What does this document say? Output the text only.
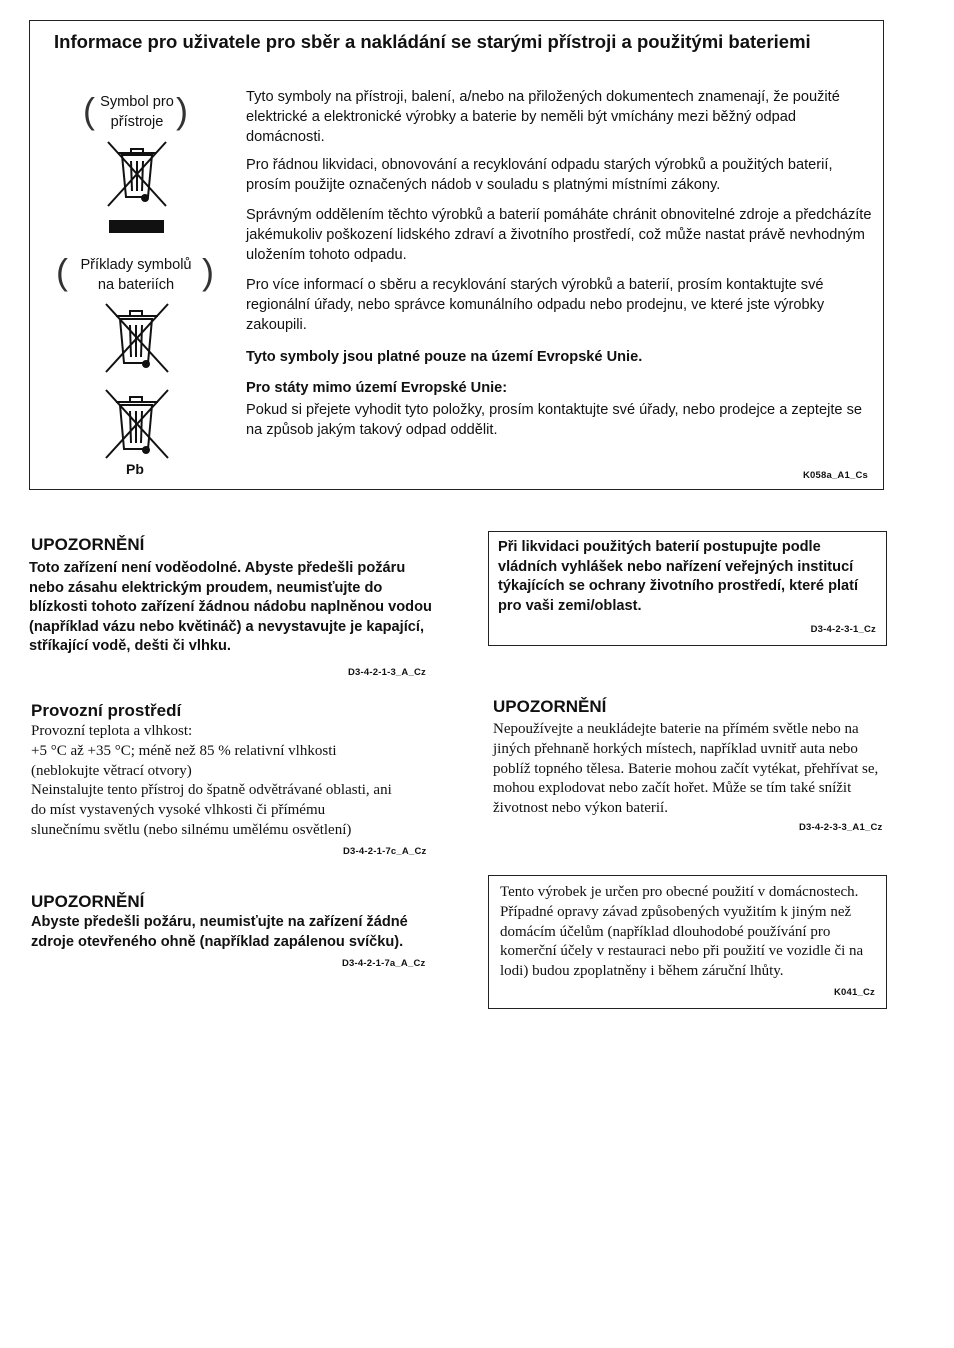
Informace pro uživatele pro sběr a nakládání se starými přístroji a použitými bateriemi
( )
Symbol pro
přístroje
(	)
Příklady symbolů
na bateriích
Pb
Tyto symboly na přístroji, balení, a/nebo na přiložených dokumentech znamenají, že použité elektrické a elektronické výrobky a baterie by neměli být vmíchány mezi běžný odpad domácnosti.
Pro řádnou likvidaci, obnovování a recyklování odpadu starých výrobků a použitých baterií, prosím použijte označených nádob v souladu s platnými místními zákony.
Správným oddělením těchto výrobků a baterií pomáháte chránit obnovitelné zdroje a předcházíte jakémukoliv poškození lidského zdraví a životního prostředí, což může nastat právě nevhodným uložením tohoto odpadu.
Pro více informací o sběru a recyklování starých výrobků a baterií, prosím kontaktujte své regionální úřady, nebo správce komunálního odpadu nebo prodejnu, ve které jste výrobky zakoupili.
Tyto symboly jsou platné pouze na území Evropské Unie.
Pro státy mimo území Evropské Unie:
Pokud si přejete vyhodit tyto položky, prosím kontaktujte své úřady, nebo prodejce a zeptejte se na způsob jakým takový odpad oddělit.
K058a_A1_Cs
UPOZORNĚNÍ
Toto zařízení není voděodolné. Abyste předešli požáru nebo zásahu elektrickým proudem, neumisťujte do blízkosti tohoto zařízení žádnou nádobu naplněnou vodou (například vázu nebo květináč) a nevystavujte je kapající, stříkající vodě, dešti či vlhku.
D3-4-2-1-3_A_Cz
Provozní prostředí
Provozní teplota a vlhkost:
+5 °C až +35 °C; méně než 85 % relativní vlhkosti
(neblokujte větrací otvory)
Neinstalujte tento přístroj do špatně odvětrávané oblasti, ani
do míst vystavených vysoké vlhkosti či přímému
slunečnímu světlu (nebo silnému umělému osvětlení)
D3-4-2-1-7c_A_Cz
UPOZORNĚNÍ
Abyste předešli požáru, neumisťujte na zařízení žádné zdroje otevřeného ohně (například zapálenou svíčku).
D3-4-2-1-7a_A_Cz
Při likvidaci použitých baterií postupujte podle vládních vyhlášek nebo nařízení veřejných institucí týkajících se ochrany životního prostředí, které platí pro vaši zemi/oblast.
D3-4-2-3-1_Cz
UPOZORNĚNÍ
Nepoužívejte a neukládejte baterie na přímém světle nebo na jiných přehnaně horkých místech, například uvnitř auta nebo poblíž topného tělesa. Baterie mohou začít vytékat, přehřívat se, mohou explodovat nebo začít hořet. Může se tím také snížit životnost nebo výkon baterií.
D3-4-2-3-3_A1_Cz
Tento výrobek je určen pro obecné použití v domácnostech. Případné opravy závad způsobených využitím k jiným než domácím účelům (například dlouhodobé používání pro komerční účely v restauraci nebo při použití ve vozidle či na lodi) budou zpoplatněny i během záruční lhůty.
K041_Cz
